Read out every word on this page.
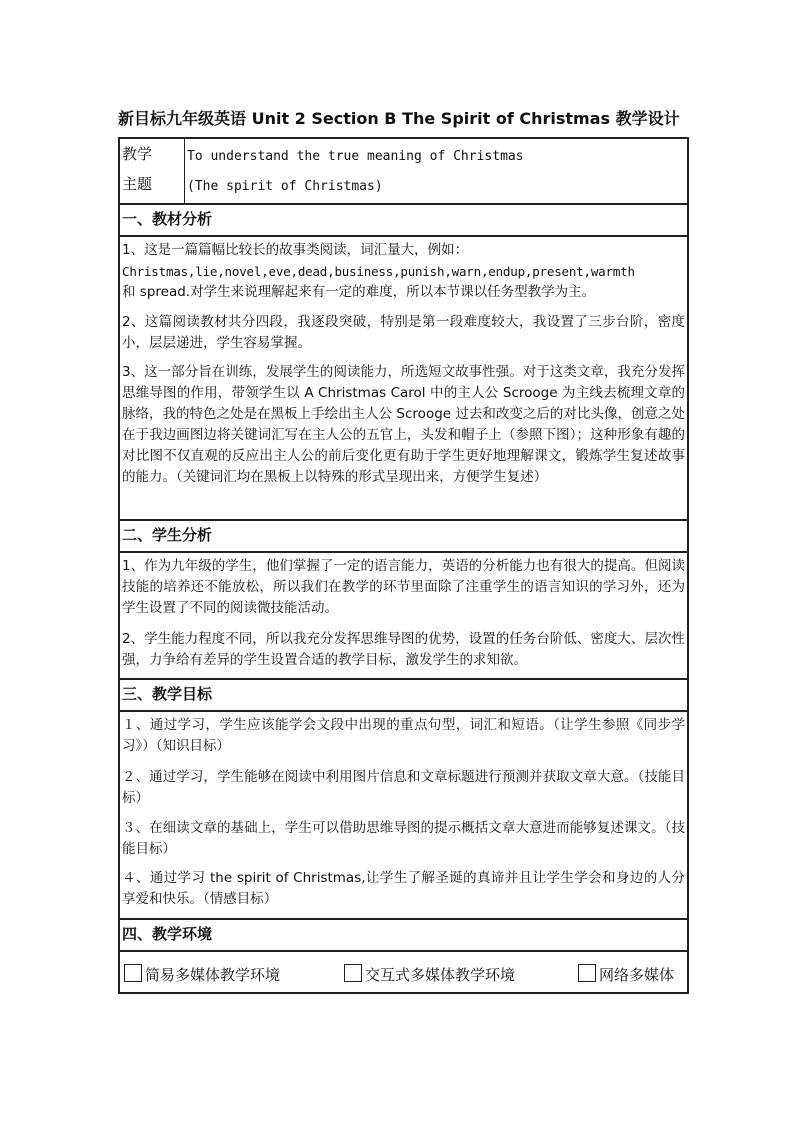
新目标九年级英语 Unit 2 Section B The Spirit of Christmas 教学设计
教学
主题
To understand the true meaning of Christmas
(The spirit of Christmas)
一、教材分析

1、这是一篇篇幅比较长的故事类阅读，词汇量大，例如：

Christmas,lie,novel,eve,dead,business,punish,warn,endup,present,warmth

和 spread.对学生来说理解起来有一定的难度，所以本节课以任务型教学为主。

2、这篇阅读教材共分四段，我逐段突破，特别是第一段难度较大，我设置了三步台阶，密度小，层层递进，学生容易掌握。

3、这一部分旨在训练，发展学生的阅读能力，所选短文故事性强。对于这类文章，我充分发挥思维导图的作用，带领学生以 A Christmas Carol 中的主人公 Scrooge 为主线去梳理文章的脉络，我的特色之处是在黑板上手绘出主人公 Scrooge 过去和改变之后的对比头像，创意之处在于我边画图边将关键词汇写在主人公的五官上，头发和帽子上（参照下图）；这种形象有趣的对比图不仅直观的反应出主人公的前后变化更有助于学生更好地理解课文，锻炼学生复述故事的能力。（关键词汇均在黑板上以特殊的形式呈现出来，方便学生复述）

二、学生分析

1、作为九年级的学生，他们掌握了一定的语言能力，英语的分析能力也有很大的提高。但阅读技能的培养还不能放松，所以我们在教学的环节里面除了注重学生的语言知识的学习外，还为学生设置了不同的阅读微技能活动。

2、学生能力程度不同，所以我充分发挥思维导图的优势，设置的任务台阶低、密度大、层次性强，力争给有差异的学生设置合适的教学目标，激发学生的求知欲。

三、教学目标

１、通过学习，学生应该能学会文段中出现的重点句型，词汇和短语。（让学生参照《同步学习》）（知识目标）

２、通过学习，学生能够在阅读中利用图片信息和文章标题进行预测并获取文章大意。（技能目标）

３、在细读文章的基础上，学生可以借助思维导图的提示概括文章大意进而能够复述课文。（技能目标）

４、通过学习 the spirit of Christmas,让学生了解圣诞的真谛并且让学生学会和身边的人分享爱和快乐。（情感目标）

四、教学环境
简易多媒体教学环境	交互式多媒体教学环境	网络多媒体
